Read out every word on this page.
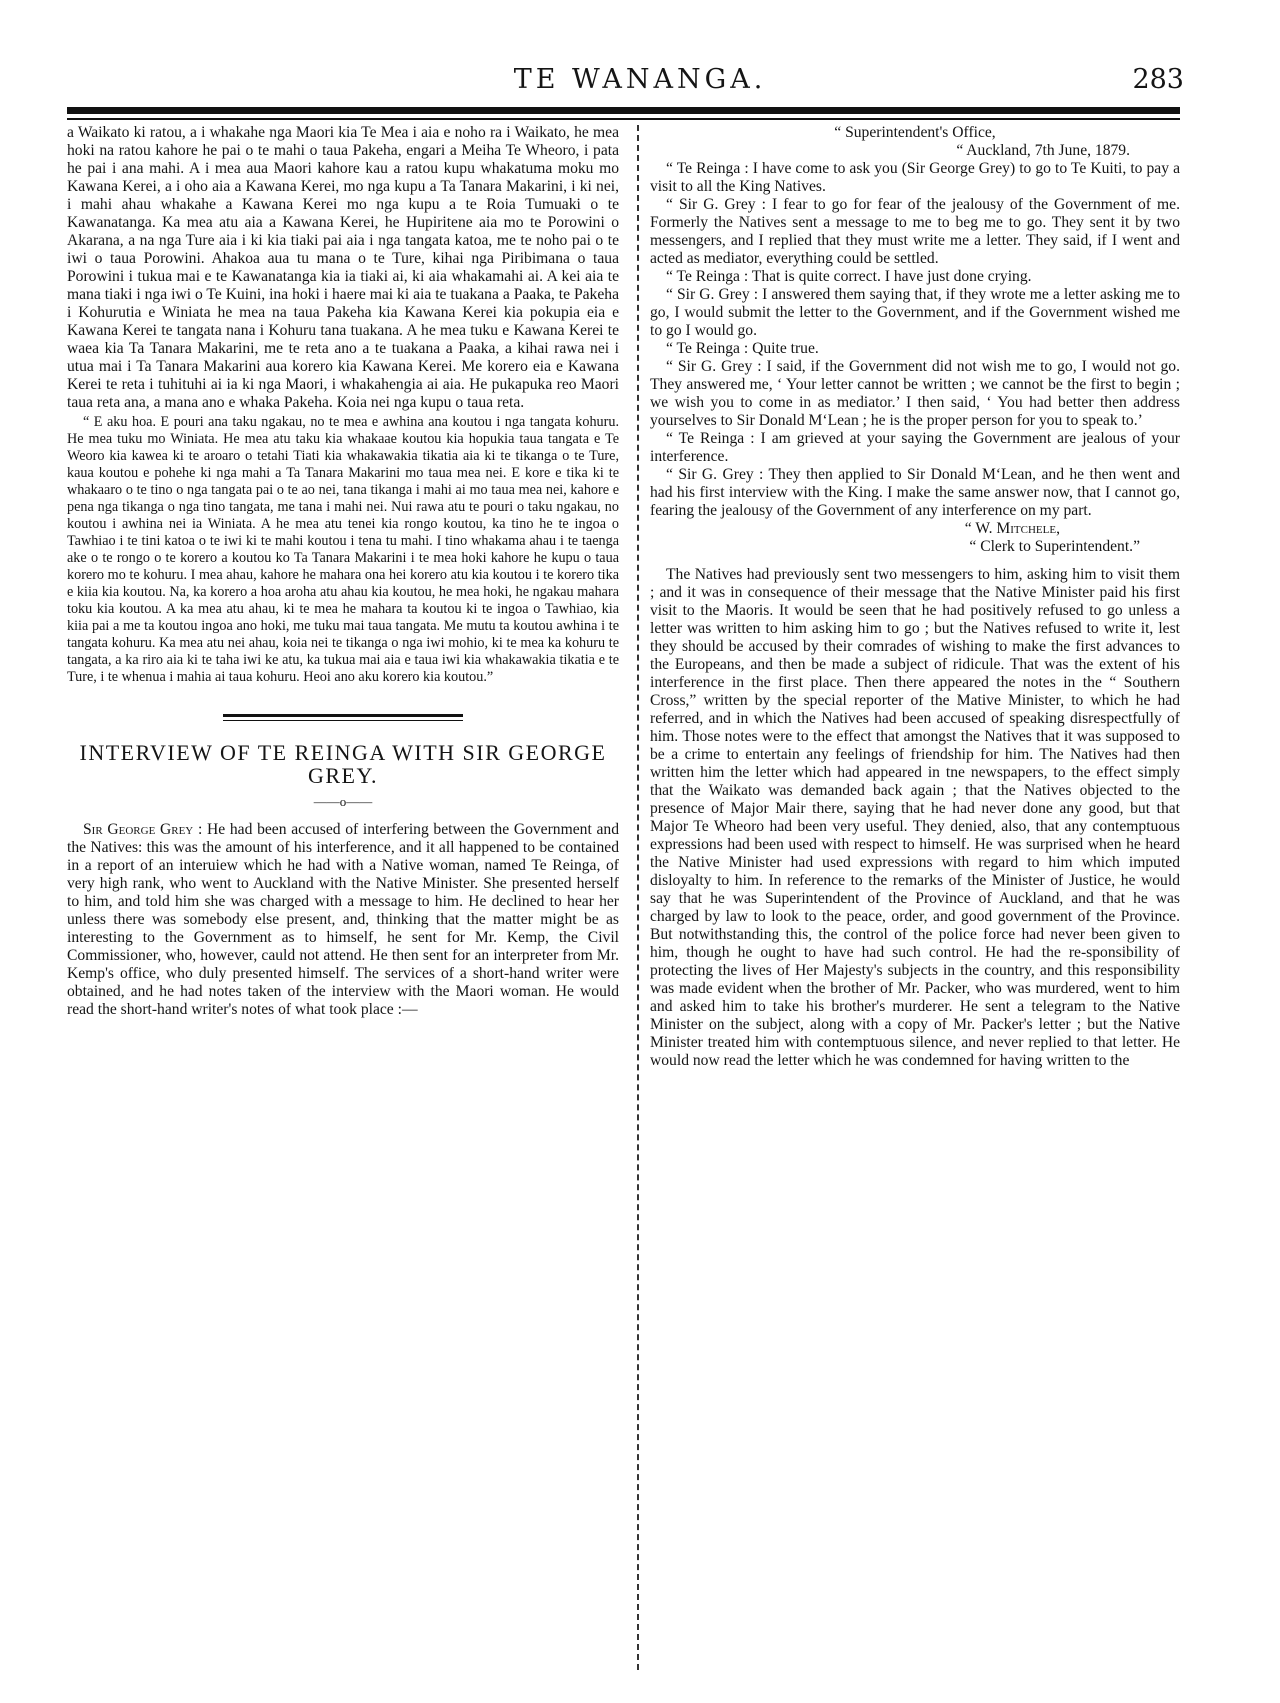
TE WANANGA.	283

a Waikato ki ratou, a i whakahe nga Maori kia Te Mea i aia e noho ra i Waikato, he mea hoki na ratou kahore he pai o te mahi o taua Pakeha, engari a Meiha Te Wheoro, i pata he pai i ana mahi. A i mea aua Maori kahore kau a ratou kupu whakatuma moku mo Kawana Kerei, a i oho aia a Kawana Kerei, mo nga kupu a Ta Tanara Makarini, i ki nei, i mahi ahau whakahe a Kawana Kerei mo nga kupu a te Roia Tumuaki o te Kawanatanga. Ka mea atu aia a Kawana Kerei, he Hupiritene aia mo te Porowini o Akarana, a na nga Ture aia i ki kia tiaki pai aia i nga tangata katoa, me te noho pai o te iwi o taua Porowini. Ahakoa aua tu mana o te Ture, kihai nga Piribimana o taua Porowini i tukua mai e te Kawanatanga kia ia tiaki ai, ki aia whakamahi ai. A kei aia te mana tiaki i nga iwi o Te Kuini, ina hoki i haere mai ki aia te tuakana a Paaka, te Pakeha i Kohurutia e Winiata he mea na taua Pakeha kia Kawana Kerei kia pokupia eia e Kawana Kerei te tangata nana i Kohuru tana tuakana. A he mea tuku e Kawana Kerei te waea kia Ta Tanara Makarini, me te reta ano a te tuakana a Paaka, a kihai rawa nei i utua mai i Ta Tanara Makarini aua korero kia Kawana Kerei. Me korero eia e Kawana Kerei te reta i tuhituhi ai ia ki nga Maori, i whakahengia ai aia. He pukapuka reo Maori taua reta ana, a mana ano e whaka Pakeha. Koia nei nga kupu o taua reta.

“ E aku hoa. E pouri ana taku ngakau, no te mea e awhina ana koutou i nga tangata kohuru. He mea tuku mo Winiata. He mea atu taku kia whakaae koutou kia hopukia taua tangata e Te Weoro kia kawea ki te aroaro o tetahi Tiati kia whakawakia tikatia aia ki te tikanga o te Ture, kaua koutou e pohehe ki nga mahi a Ta Tanara Makarini mo taua mea nei. E kore e tika ki te whakaaro o te tino o nga tangata pai o te ao nei, tana tikanga i mahi ai mo taua mea nei, kahore e pena nga tikanga o nga tino tangata, me tana i mahi nei. Nui rawa atu te pouri o taku ngakau, no koutou i awhina nei ia Winiata. A he mea atu tenei kia rongo koutou, ka tino he te ingoa o Tawhiao i te tini katoa o te iwi ki te mahi koutou i tena tu mahi. I tino whakama ahau i te taenga ake o te rongo o te korero a koutou ko Ta Tanara Makarini i te mea hoki kahore he kupu o taua korero mo te kohuru. I mea ahau, kahore he mahara ona hei korero atu kia koutou i te korero tika e kiia kia koutou. Na, ka korero a hoa aroha atu ahau kia koutou, he mea hoki, he ngakau mahara toku kia koutou. A ka mea atu ahau, ki te mea he mahara ta koutou ki te ingoa o Tawhiao, kia kiia pai a me ta koutou ingoa ano hoki, me tuku mai taua tangata. Me mutu ta koutou awhina i te tangata kohuru. Ka mea atu nei ahau, koia nei te tikanga o nga iwi mohio, ki te mea ka kohuru te tangata, a ka riro aia ki te taha iwi ke atu, ka tukua mai aia e taua iwi kia whakawakia tikatia e te Ture, i te whenua i mahia ai taua kohuru. Heoi ano aku korero kia koutou.”

INTERVIEW OF TE REINGA WITH SIR GEORGE GREY.
——o——

Sir George Grey : He had been accused of interfering between the Government and the Natives: this was the amount of his interference, and it all happened to be contained in a report of an interuiew which he had with a Native woman, named Te Reinga, of very high rank, who went to Auckland with the Native Minister. She presented herself to him, and told him she was charged with a message to him. He declined to hear her unless there was somebody else present, and, thinking that the matter might be as interesting to the Government as to himself, he sent for Mr. Kemp, the Civil Commissioner, who, however, cauld not attend. He then sent for an interpreter from Mr. Kemp's office, who duly presented himself. The services of a short-hand writer were obtained, and he had notes taken of the interview with the Maori woman. He would read the short-hand writer's notes of what took place :—

“ Superintendent's Office,

“ Auckland, 7th June, 1879.

“ Te Reinga : I have come to ask you (Sir George Grey) to go to Te Kuiti, to pay a visit to all the King Natives.

“ Sir G. Grey : I fear to go for fear of the jealousy of the Government of me. Formerly the Natives sent a message to me to beg me to go. They sent it by two messengers, and I replied that they must write me a letter. They said, if I went and acted as mediator, everything could be settled.

“ Te Reinga : That is quite correct. I have just done crying.

“ Sir G. Grey : I answered them saying that, if they wrote me a letter asking me to go, I would submit the letter to the Government, and if the Government wished me to go I would go.

“ Te Reinga : Quite true.

“ Sir G. Grey : I said, if the Government did not wish me to go, I would not go. They answered me, ‘ Your letter cannot be written ; we cannot be the first to begin ; we wish you to come in as mediator.’ I then said, ‘ You had better then address yourselves to Sir Donald M‘Lean ; he is the proper person for you to speak to.’

“ Te Reinga : I am grieved at your saying the Government are jealous of your interference.

“ Sir G. Grey : They then applied to Sir Donald M‘Lean, and he then went and had his first interview with the King. I make the same answer now, that I cannot go, fearing the jealousy of the Government of any interference on my part.

“ W. Mitchele,

“ Clerk to Superintendent.”

The Natives had previously sent two messengers to him, asking him to visit them ; and it was in consequence of their message that the Native Minister paid his first visit to the Maoris. It would be seen that he had positively refused to go unless a letter was written to him asking him to go ; but the Natives refused to write it, lest they should be accused by their comrades of wishing to make the first advances to the Europeans, and then be made a subject of ridicule. That was the extent of his interference in the first place. Then there appeared the notes in the “ Southern Cross,” written by the special reporter of the Mative Minister, to which he had referred, and in which the Natives had been accused of speaking disrespectfully of him. Those notes were to the effect that amongst the Natives that it was supposed to be a crime to entertain any feelings of friendship for him. The Natives had then written him the letter which had appeared in tne newspapers, to the effect simply that the Waikato was demanded back again ; that the Natives objected to the presence of Major Mair there, saying that he had never done any good, but that Major Te Wheoro had been very useful. They denied, also, that any contemptuous expressions had been used with respect to himself. He was surprised when he heard the Native Minister had used expressions with regard to him which imputed disloyalty to him. In reference to the remarks of the Minister of Justice, he would say that he was Superintendent of the Province of Auckland, and that he was charged by law to look to the peace, order, and good government of the Province. But notwithstanding this, the control of the police force had never been given to him, though he ought to have had such control. He had the re-sponsibility of protecting the lives of Her Majesty's subjects in the country, and this responsibility was made evident when the brother of Mr. Packer, who was murdered, went to him and asked him to take his brother's murderer. He sent a telegram to the Native Minister on the subject, along with a copy of Mr. Packer's letter ; but the Native Minister treated him with contemptuous silence, and never replied to that letter. He would now read the letter which he was condemned for having written to the
